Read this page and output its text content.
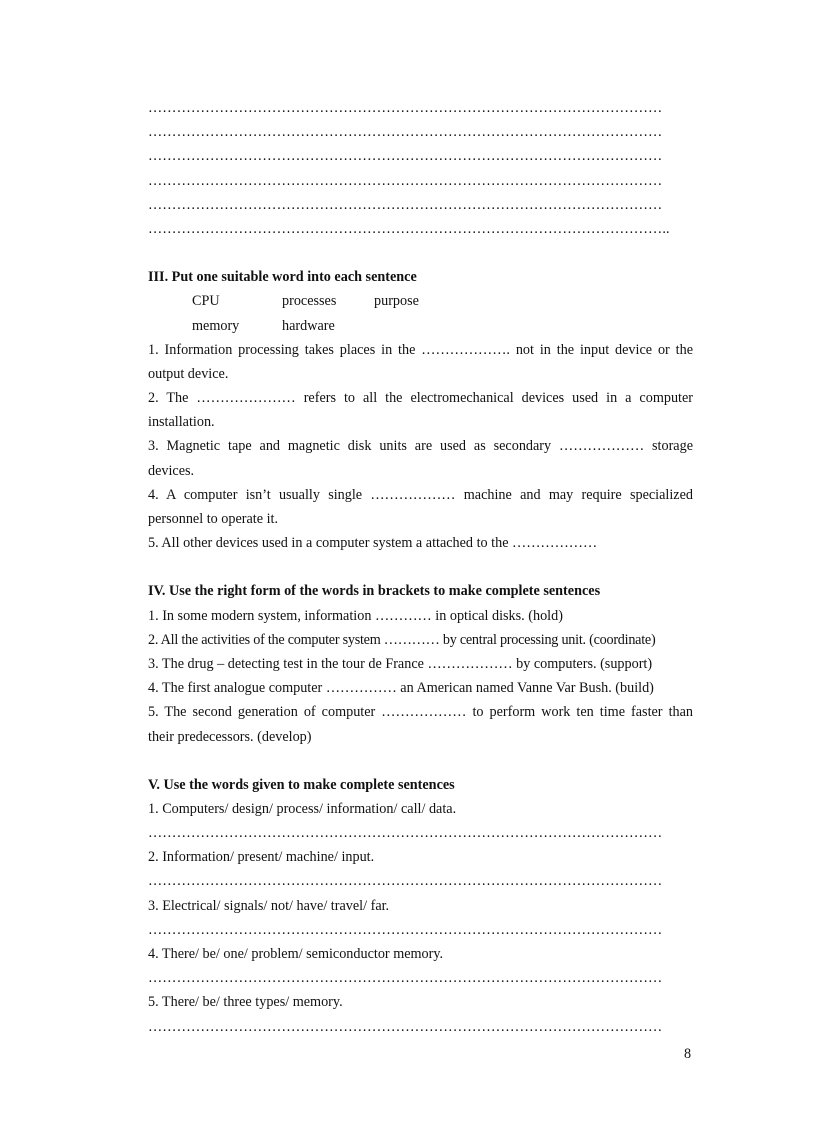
………………………………………………………………………………………………
………………………………………………………………………………………………
………………………………………………………………………………………………
………………………………………………………………………………………………
………………………………………………………………………………………………
………………………………………………………………………………………………..
III. Put one suitable word into each sentence
CPU	processes	purpose
memory	hardware
1. Information processing takes places in the ………………. not in the input device or the
output device.
2. The ………………… refers to all the electromechanical devices used in a computer
installation.
3. Magnetic tape and magnetic disk units are used as secondary ……………… storage
devices.
4. A computer isn’t usually single ……………… machine and may require specialized
personnel to operate it.
5. All other devices used in a computer system a attached to the ………………
IV. Use the right form of the words in brackets to make complete sentences
1. In some modern system, information ………… in optical disks. (hold)
2. All the activities of the computer system ………… by central processing unit. (coordinate)
3. The drug – detecting test in the tour de France ……………… by computers. (support)
4. The first analogue computer …………… an American named Vanne Var Bush. (build)
5. The second generation of computer ……………… to perform work ten time faster than
their predecessors. (develop)
V. Use the words given to make complete sentences
1. Computers/ design/ process/ information/ call/ data.
………………………………………………………………………………………………
2. Information/ present/ machine/ input.
………………………………………………………………………………………………
3. Electrical/ signals/ not/ have/ travel/ far.
………………………………………………………………………………………………
4. There/ be/ one/ problem/ semiconductor memory.
………………………………………………………………………………………………
5. There/ be/ three types/ memory.
………………………………………………………………………………………………
8
